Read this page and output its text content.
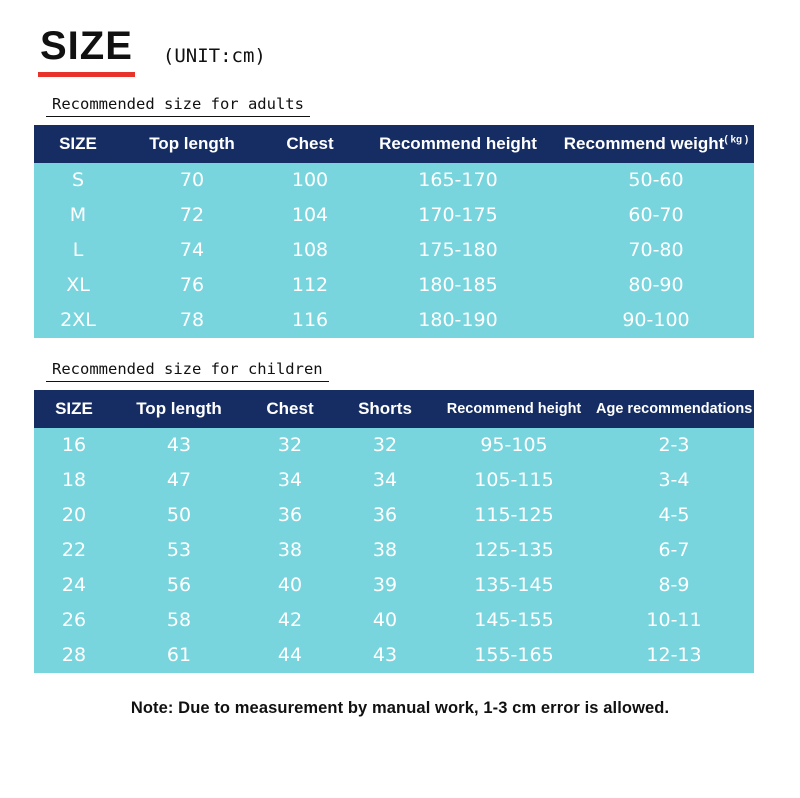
SIZE (UNIT:cm)
Recommended size for adults
SIZE	Top length	Chest	Recommend height	Recommend weight$^{( kg )}$
S	70	100	165-170	50-60
M	72	104	170-175	60-70
L	74	108	175-180	70-80
XL	76	112	180-185	80-90
2XL	78	116	180-190	90-100
Recommended size for children
SIZE	Top length	Chest	Shorts	Recommend height	Age recommendations
16	43	32	32	95-105	2-3
18	47	34	34	105-115	3-4
20	50	36	36	115-125	4-5
22	53	38	38	125-135	6-7
24	56	40	39	135-145	8-9
26	58	42	40	145-155	10-11
28	61	44	43	155-165	12-13
Note: Due to measurement by manual work, 1-3 cm error is allowed.
